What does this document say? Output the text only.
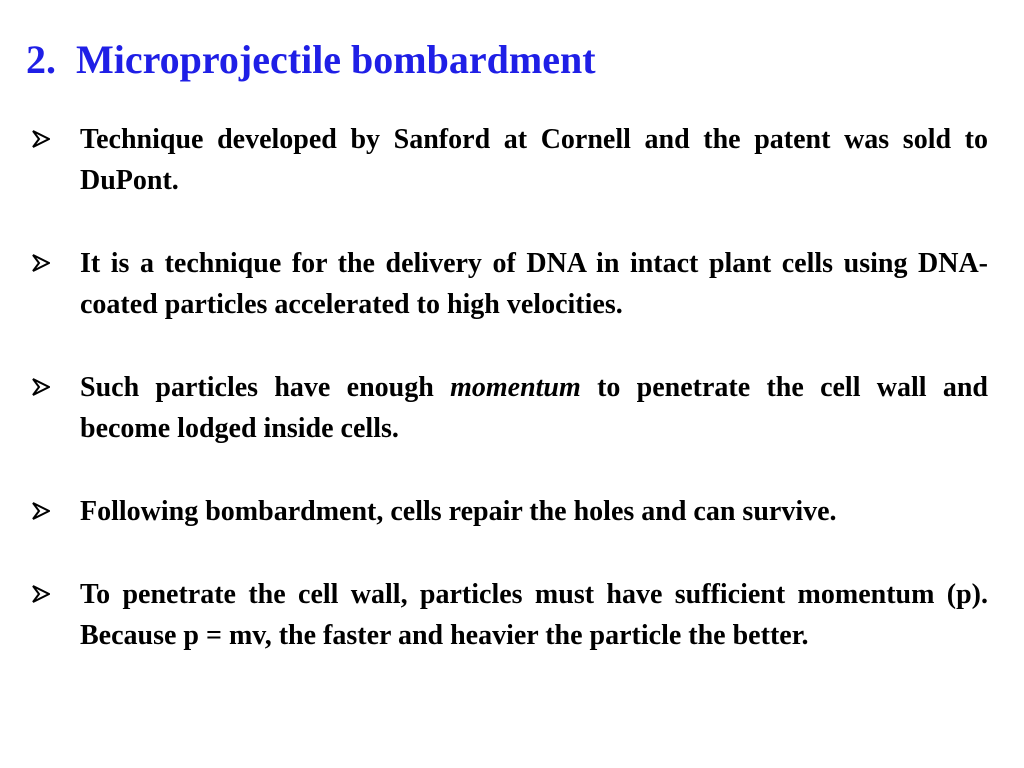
2. Microprojectile bombardment
Technique developed by Sanford at Cornell and the patent was sold to DuPont.
It is a technique for the delivery of DNA in intact plant cells using DNA-coated particles accelerated to high velocities.
Such particles have enough momentum to penetrate the cell wall and become lodged inside cells.
Following bombardment, cells repair the holes and can survive.
To penetrate the cell wall, particles must have sufficient momentum (p). Because p = mv, the faster and heavier the particle the better.
